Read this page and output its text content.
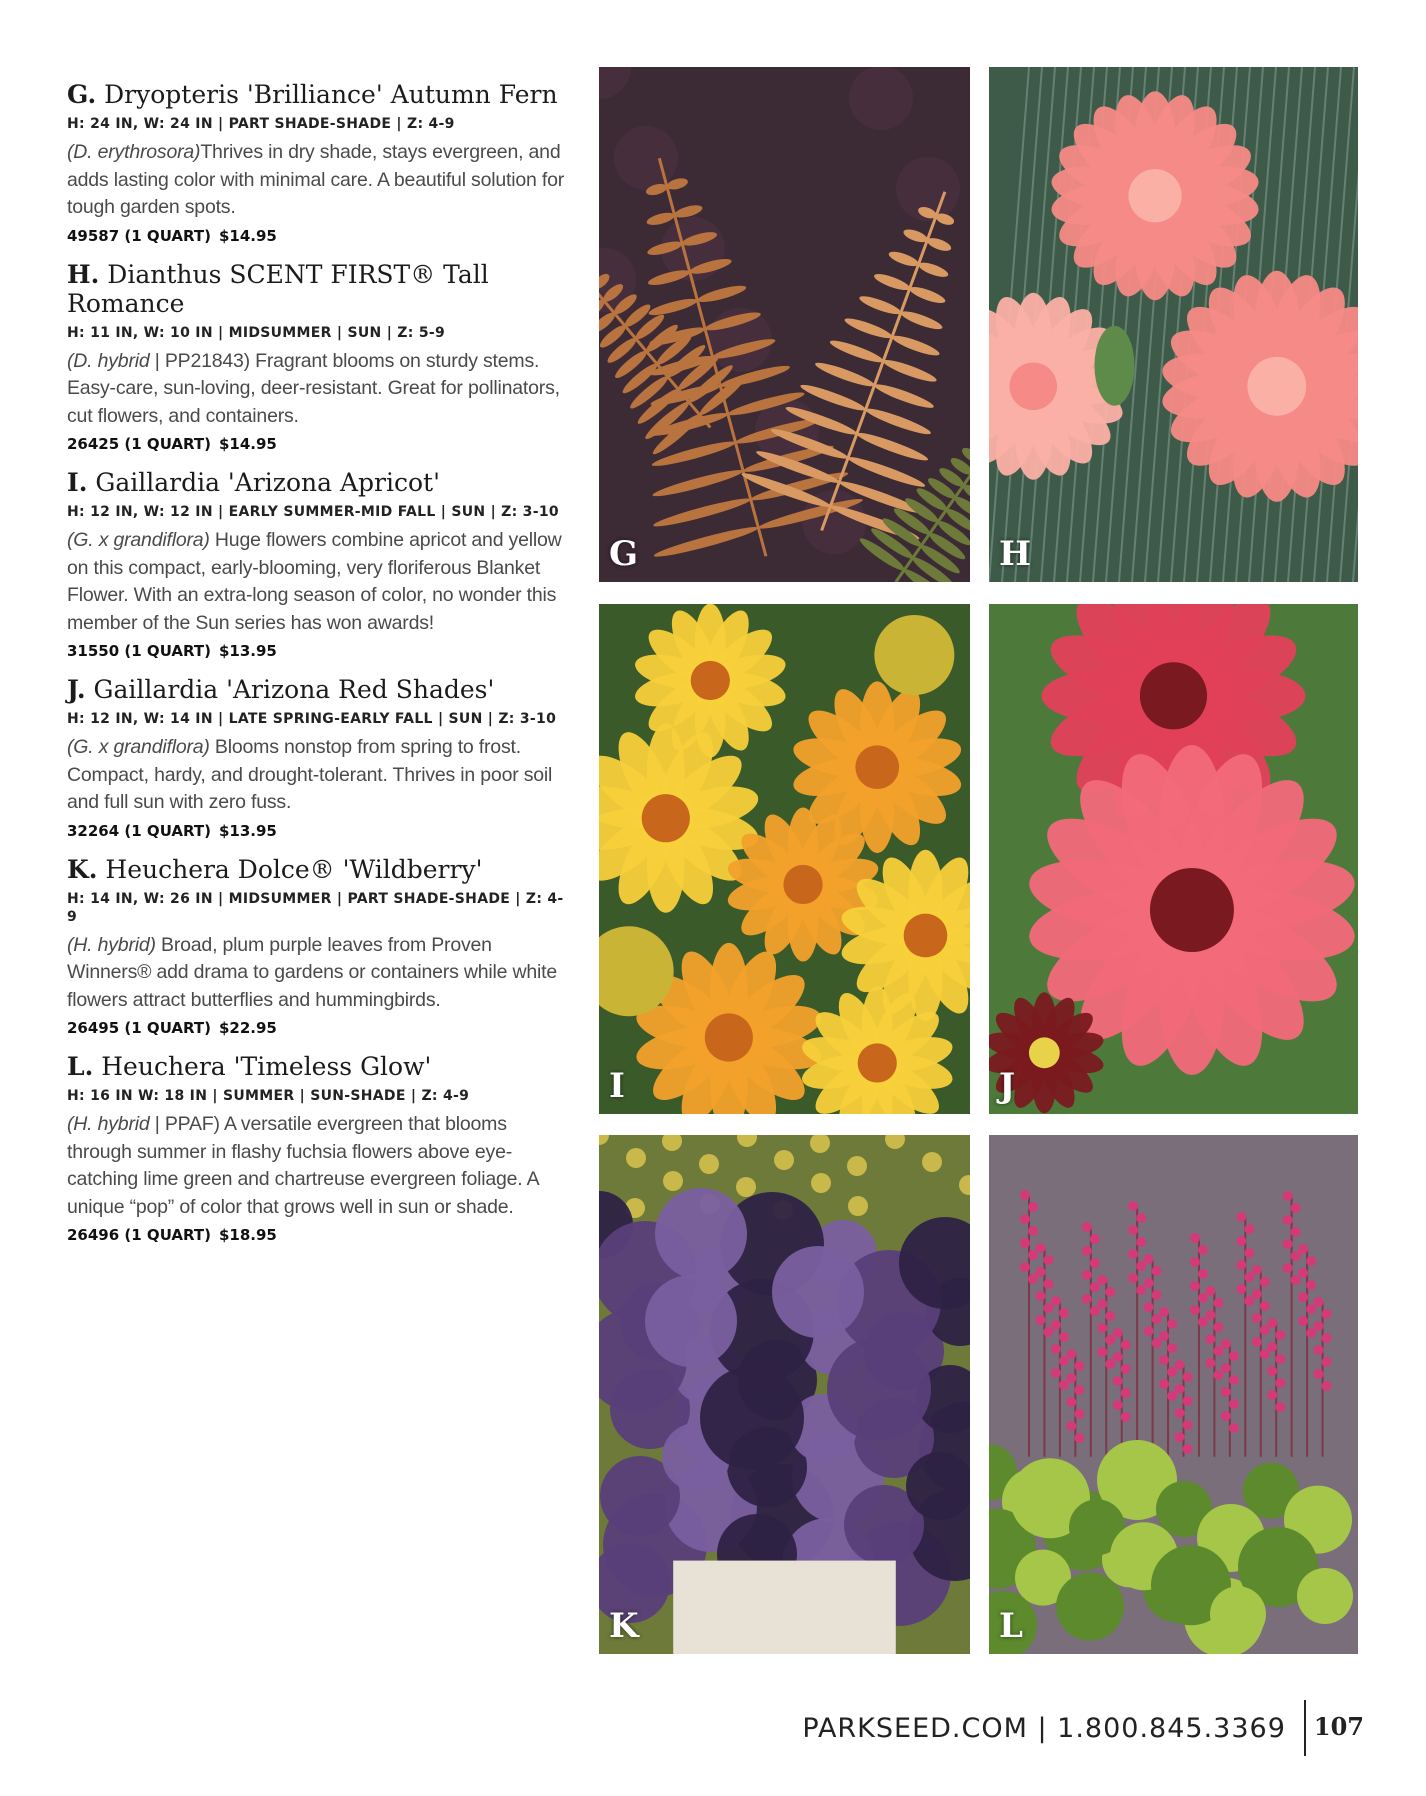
G. Dryopteris 'Brilliance' Autumn Fern
H: 24 IN, W: 24 IN | PART SHADE-SHADE | Z: 4-9
(D. erythrosora)Thrives in dry shade, stays evergreen, and adds lasting color with minimal care. A beautiful solution for tough garden spots.
49587 (1 QUART) $14.95
H. Dianthus SCENT FIRST® Tall Romance
H: 11 IN, W: 10 IN | MIDSUMMER | SUN | Z: 5-9
(D. hybrid | PP21843) Fragrant blooms on sturdy stems. Easy-care, sun-loving, deer-resistant. Great for pollinators, cut flowers, and containers.
26425 (1 QUART) $14.95
I. Gaillardia 'Arizona Apricot'
H: 12 IN, W: 12 IN | EARLY SUMMER-MID FALL | SUN | Z: 3-10
(G. x grandiflora) Huge flowers combine apricot and yellow on this compact, early-blooming, very floriferous Blanket Flower. With an extra-long season of color, no wonder this member of the Sun series has won awards!
31550 (1 QUART) $13.95
J. Gaillardia 'Arizona Red Shades'
H: 12 IN, W: 14 IN | LATE SPRING-EARLY FALL | SUN | Z: 3-10
(G. x grandiflora) Blooms nonstop from spring to frost. Compact, hardy, and drought-tolerant. Thrives in poor soil and full sun with zero fuss.
32264 (1 QUART) $13.95
K. Heuchera Dolce® 'Wildberry'
H: 14 IN, W: 26 IN | MIDSUMMER | PART SHADE-SHADE | Z: 4-9
(H. hybrid) Broad, plum purple leaves from Proven Winners® add drama to gardens or containers while white flowers attract butterflies and hummingbirds.
26495 (1 QUART) $22.95
L. Heuchera 'Timeless Glow'
H: 16 IN W: 18 IN | SUMMER | SUN-SHADE | Z: 4-9
(H. hybrid | PPAF) A versatile evergreen that blooms through summer in flashy fuchsia flowers above eye-catching lime green and chartreuse evergreen foliage. A unique “pop” of color that grows well in sun or shade.
26496 (1 QUART) $18.95
G	H
I	J
K	L
PARKSEED.COM | 1.800.845.3369 107
